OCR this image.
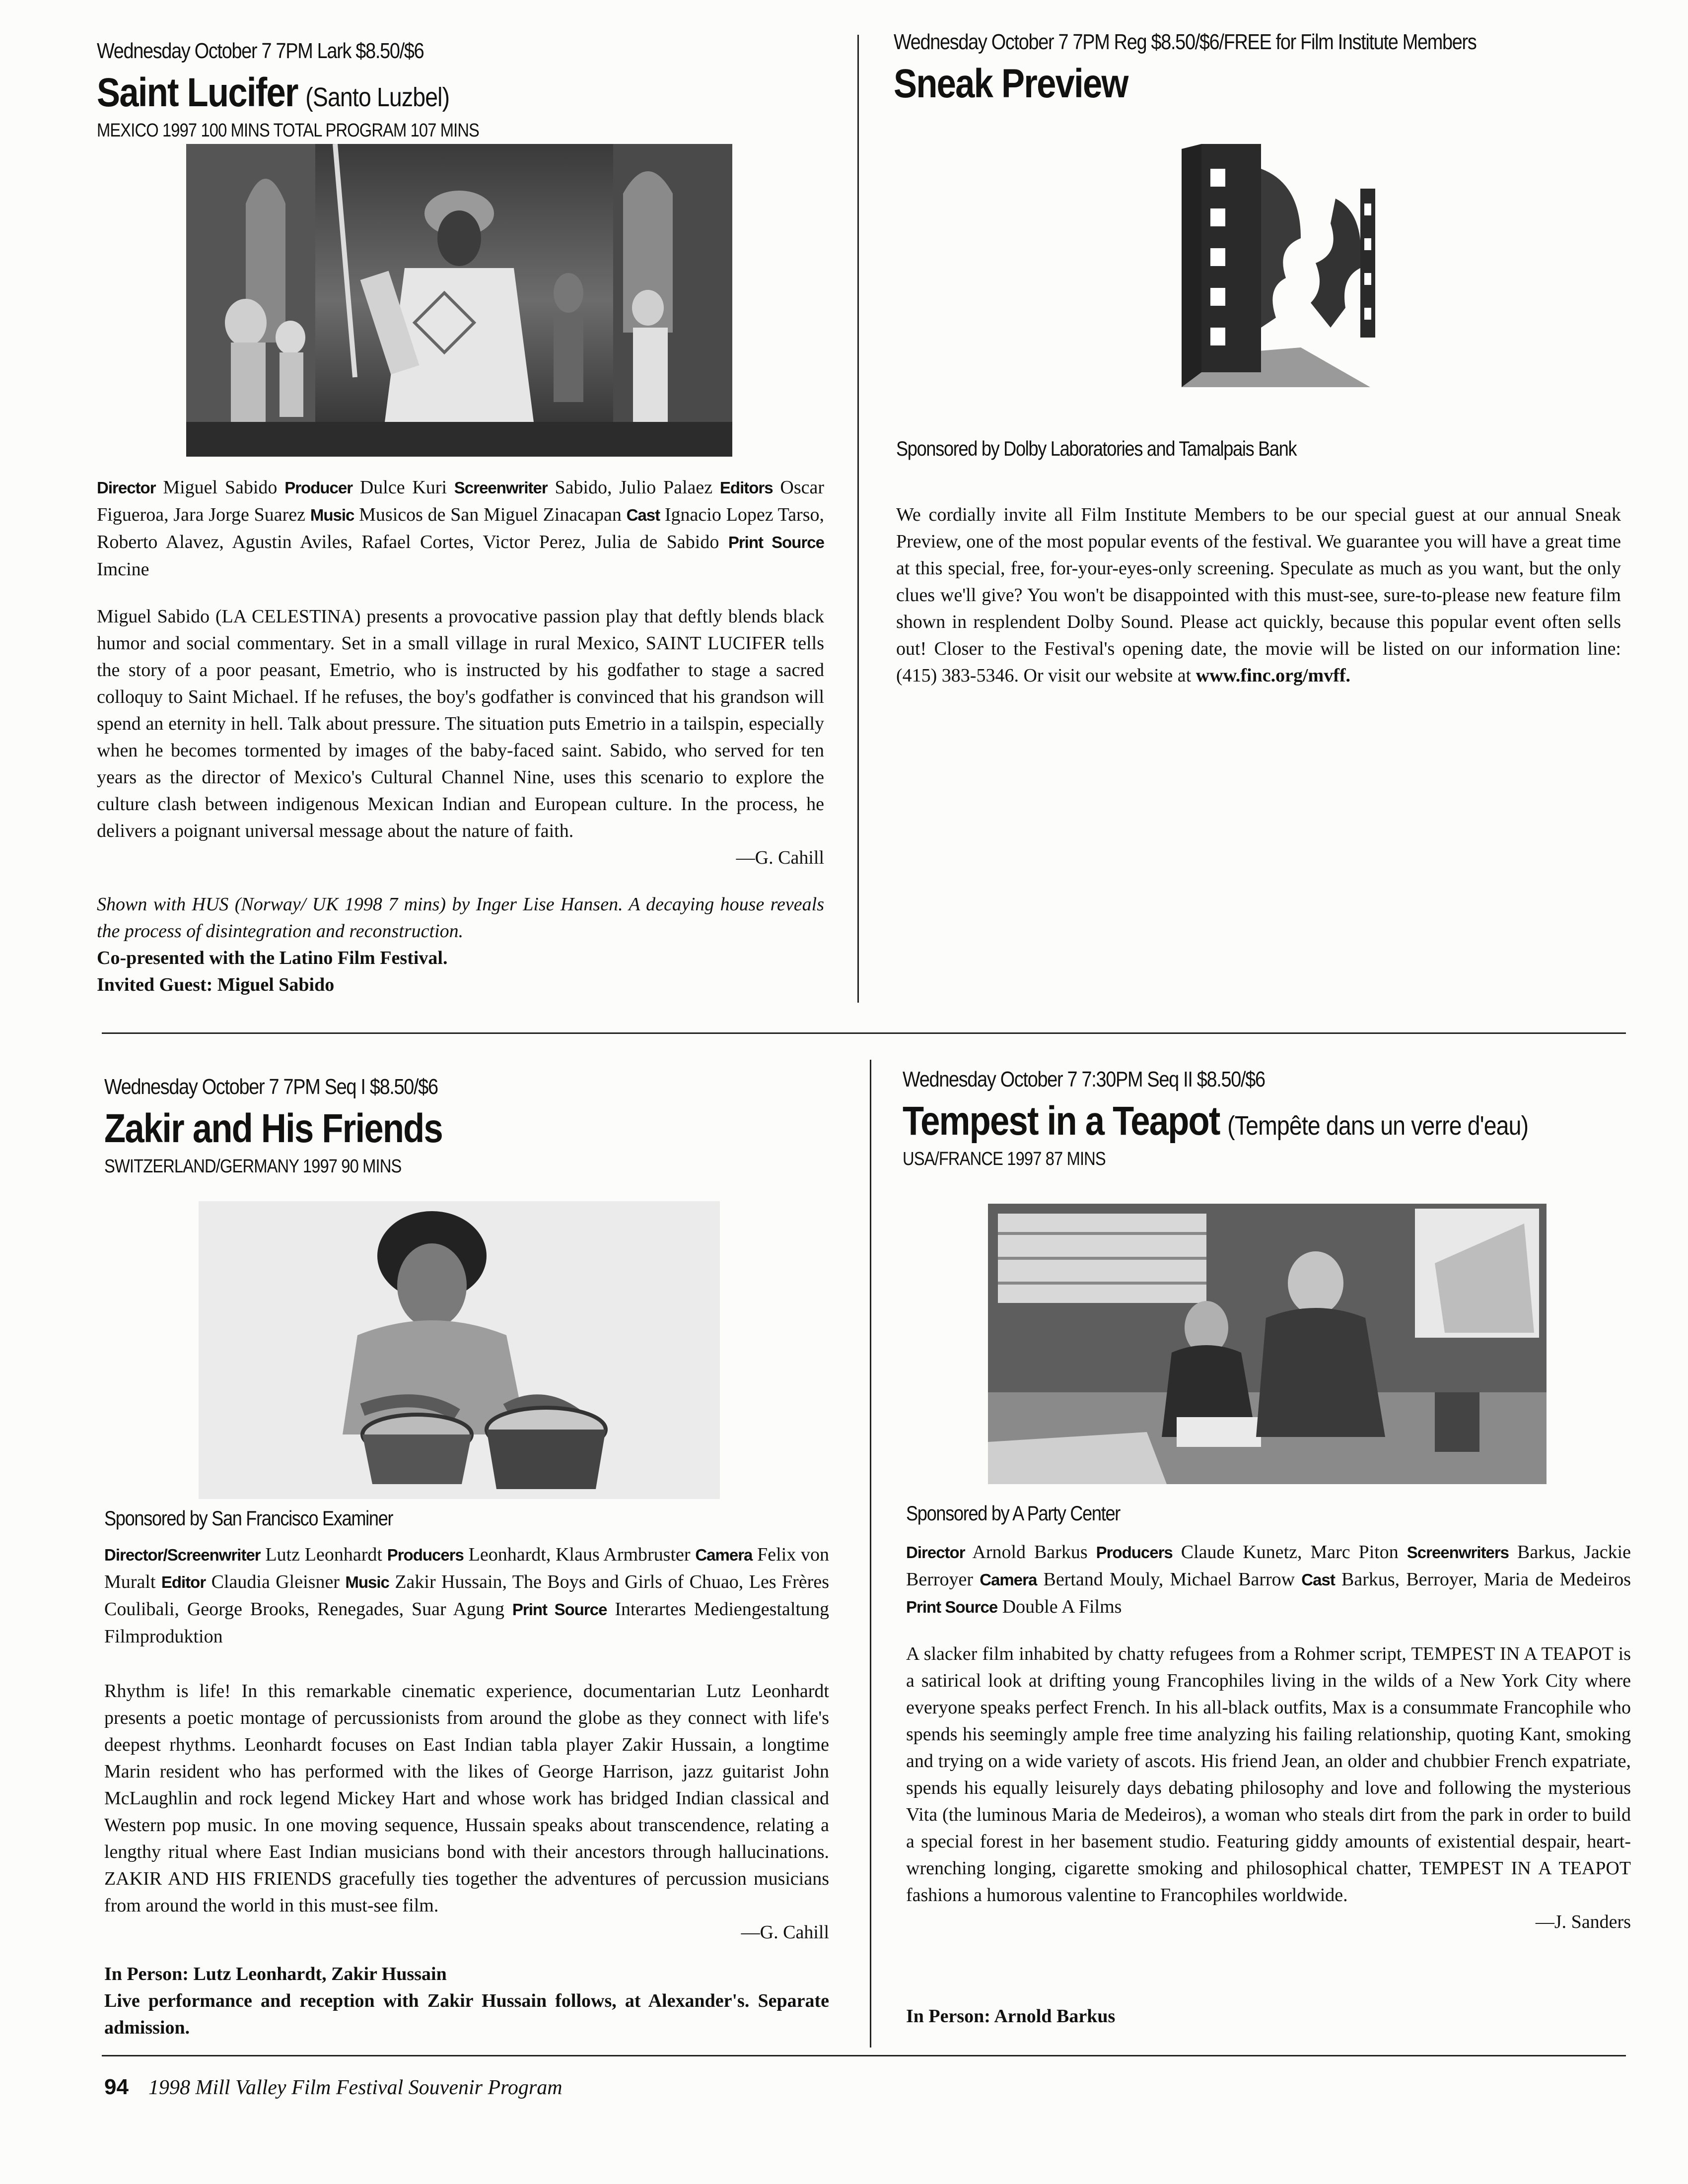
Wednesday October 7 7PM Lark $8.50/$6

Saint Lucifer (Santo Luzbel)
MEXICO 1997 100 MINS TOTAL PROGRAM 107 MINS
Director Miguel Sabido Producer Dulce Kuri Screenwriter Sabido, Julio Palaez Editors Oscar Figueroa, Jara Jorge Suarez Music Musicos de San Miguel Zinacapan Cast Ignacio Lopez Tarso, Roberto Alavez, Agustin Aviles, Rafael Cortes, Victor Perez, Julia de Sabido Print Source Imcine
Miguel Sabido (LA CELESTINA) presents a provocative passion play that deftly blends black humor and social commentary. Set in a small village in rural Mexico, SAINT LUCIFER tells the story of a poor peasant, Emetrio, who is instructed by his godfather to stage a sacred colloquy to Saint Michael. If he refuses, the boy's godfather is convinced that his grandson will spend an eternity in hell. Talk about pressure. The situation puts Emetrio in a tailspin, especially when he becomes tormented by images of the baby-faced saint. Sabido, who served for ten years as the director of Mexico's Cultural Channel Nine, uses this scenario to explore the culture clash between indigenous Mexican Indian and European culture. In the process, he delivers a poignant universal message about the nature of faith.
—G. Cahill
Shown with HUS (Norway/ UK 1998 7 mins) by Inger Lise Hansen. A decaying house reveals the process of disintegration and reconstruction.
Co-presented with the Latino Film Festival.
Invited Guest: Miguel Sabido

Wednesday October 7 7PM Reg $8.50/$6/FREE for Film Institute Members

Sneak Preview
Sponsored by Dolby Laboratories and Tamalpais Bank
We cordially invite all Film Institute Members to be our special guest at our annual Sneak Preview, one of the most popular events of the festival. We guarantee you will have a great time at this special, free, for-your-eyes-only screening. Speculate as much as you want, but the only clues we'll give? You won't be disappointed with this must-see, sure-to-please new feature film shown in resplendent Dolby Sound. Please act quickly, because this popular event often sells out! Closer to the Festival's opening date, the movie will be listed on our information line: (415) 383-5346. Or visit our website at www.finc.org/mvff.

Wednesday October 7 7PM Seq I $8.50/$6

Zakir and His Friends
SWITZERLAND/GERMANY 1997 90 MINS
Sponsored by San Francisco Examiner
Director/Screenwriter Lutz Leonhardt Producers Leonhardt, Klaus Armbruster Camera Felix von Muralt Editor Claudia Gleisner Music Zakir Hussain, The Boys and Girls of Chuao, Les Frères Coulibali, George Brooks, Renegades, Suar Agung Print Source Interartes Mediengestaltung Filmproduktion
Rhythm is life! In this remarkable cinematic experience, documentarian Lutz Leonhardt presents a poetic montage of percussionists from around the globe as they connect with life's deepest rhythms. Leonhardt focuses on East Indian tabla player Zakir Hussain, a longtime Marin resident who has performed with the likes of George Harrison, jazz guitarist John McLaughlin and rock legend Mickey Hart and whose work has bridged Indian classical and Western pop music. In one moving sequence, Hussain speaks about transcendence, relating a lengthy ritual where East Indian musicians bond with their ancestors through hallucinations. ZAKIR AND HIS FRIENDS gracefully ties together the adventures of percussion musicians from around the world in this must-see film.
—G. Cahill
In Person: Lutz Leonhardt, Zakir Hussain
Live performance and reception with Zakir Hussain follows, at Alexander's. Separate admission.

Wednesday October 7 7:30PM Seq II $8.50/$6

Tempest in a Teapot (Tempête dans un verre d'eau)
USA/FRANCE 1997 87 MINS
Sponsored by A Party Center
Director Arnold Barkus Producers Claude Kunetz, Marc Piton Screenwriters Barkus, Jackie Berroyer Camera Bertand Mouly, Michael Barrow Cast Barkus, Berroyer, Maria de Medeiros Print Source Double A Films
A slacker film inhabited by chatty refugees from a Rohmer script, TEMPEST IN A TEAPOT is a satirical look at drifting young Francophiles living in the wilds of a New York City where everyone speaks perfect French. In his all-black outfits, Max is a consummate Francophile who spends his seemingly ample free time analyzing his failing relationship, quoting Kant, smoking and trying on a wide variety of ascots. His friend Jean, an older and chubbier French expatriate, spends his equally leisurely days debating philosophy and love and following the mysterious Vita (the luminous Maria de Medeiros), a woman who steals dirt from the park in order to build a special forest in her basement studio. Featuring giddy amounts of existential despair, heart-wrenching longing, cigarette smoking and philosophical chatter, TEMPEST IN A TEAPOT fashions a humorous valentine to Francophiles worldwide.
—J. Sanders
In Person: Arnold Barkus
94 1998 Mill Valley Film Festival Souvenir Program
